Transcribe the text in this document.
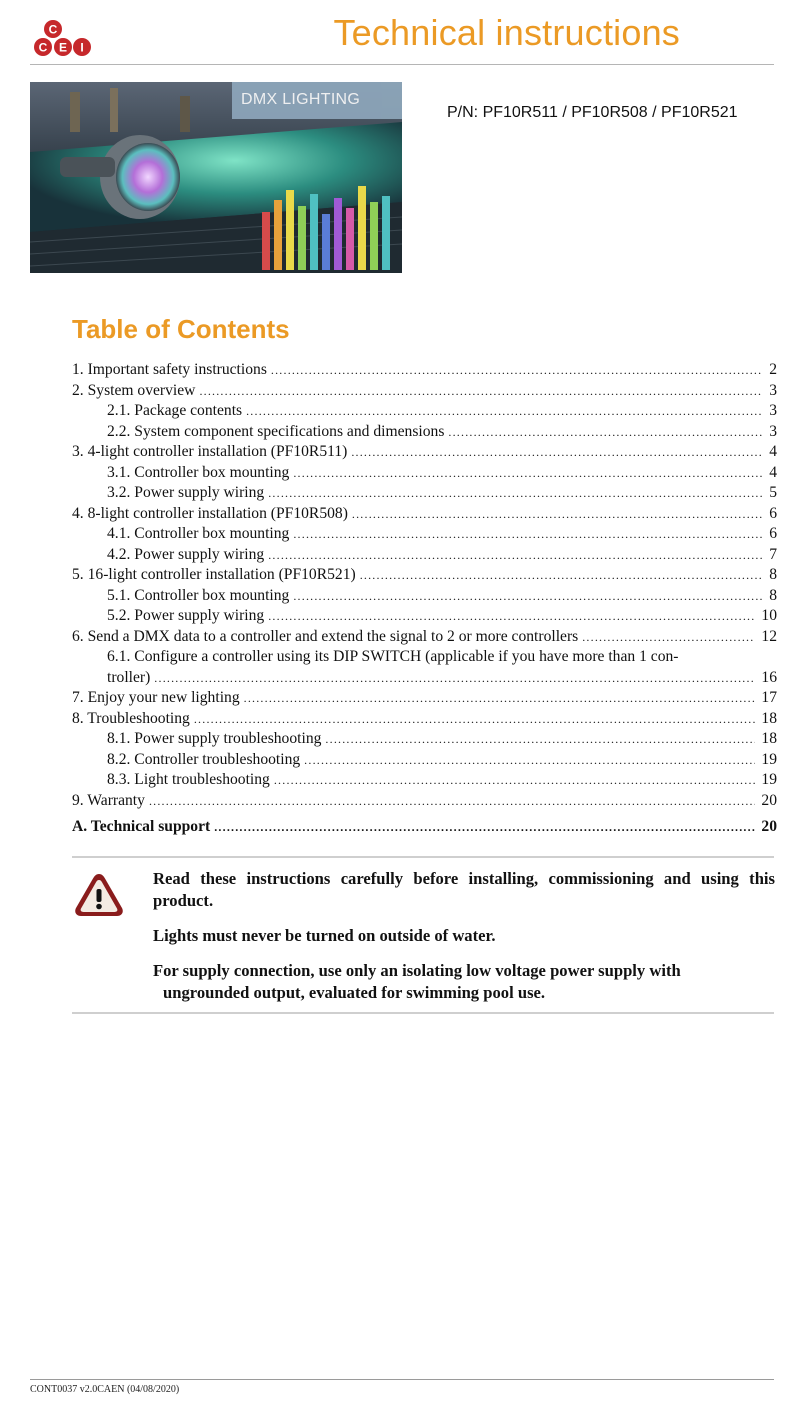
C
C E I	Technical instructions
DMX LIGHTING
P/N: PF10R511 / PF10R508 / PF10R521
Table of Contents
1. Important safety instructions .....	2
2. System overview .....	3
2.1. Package contents .....	3
2.2. System component specifications and dimensions .....	3
3. 4-light controller installation (PF10R511) .....	4
3.1. Controller box mounting .....	4
3.2. Power supply wiring .....	5
4. 8-light controller installation (PF10R508) .....	6
4.1. Controller box mounting .....	6
4.2. Power supply wiring .....	7
5. 16-light controller installation (PF10R521) .....	8
5.1. Controller box mounting .....	8
5.2. Power supply wiring .....	10
6. Send a DMX data to a controller and extend the signal to 2 or more controllers .....	12
6.1. Configure a controller using its DIP SWITCH (applicable if you have more than 1 con-
troller) .....	16
7. Enjoy your new lighting .....	17
8. Troubleshooting .....	18
8.1. Power supply troubleshooting .....	18
8.2. Controller troubleshooting .....	19
8.3. Light troubleshooting .....	19
9. Warranty .....	20
A. Technical support .....	20

Read these instructions carefully before installing, commissioning and using this product.

Lights must never be turned on outside of water.

For supply connection, use only an isolating low voltage power supply with
ungrounded output, evaluated for swimming pool use.

CONT0037 v2.0CAEN (04/08/2020)
